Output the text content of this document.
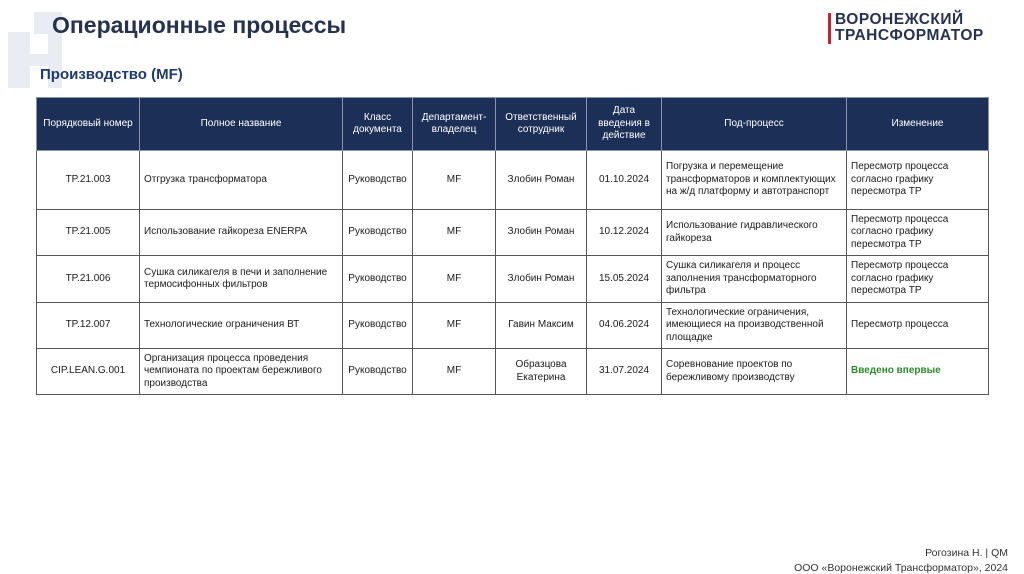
Операционные процессы
Производство (MF)
ВОРОНЕЖСКИЙ
ТРАНСФОРМАТОР
Порядковый номер	Полное название	Класс документа	Департамент-владелец	Ответственный сотрудник	Дата введения в действие	Под-процесс	Изменение
TP.21.003	Отгрузка трансформатора	Руководство	MF	Злобин Роман	01.10.2024	Погрузка и перемещение трансформаторов и комплектующих на ж/д платформу и автотранспорт	Пересмотр процесса согласно графику пересмотра ТР
TP.21.005	Использование гайкореза ENERPA	Руководство	MF	Злобин Роман	10.12.2024	Использование гидравлического гайкореза	Пересмотр процесса согласно графику пересмотра ТР
TP.21.006	Сушка силикагеля в печи и заполнение термосифонных фильтров	Руководство	MF	Злобин Роман	15.05.2024	Сушка силикагеля и процесс заполнения трансформаторного фильтра	Пересмотр процесса согласно графику пересмотра ТР
TP.12.007	Технологические ограничения ВТ	Руководство	MF	Гавин Максим	04.06.2024	Технологические ограничения, имеющиеся на производственной площадке	Пересмотр процесса
CIP.LEAN.G.001	Организация процесса проведения чемпионата по проектам бережливого производства	Руководство	MF	Образцова Екатерина	31.07.2024	Соревнование проектов по бережливому производству	Введено впервые
Рогозина Н. | QM
ООО «Воронежский Трансформатор», 2024
